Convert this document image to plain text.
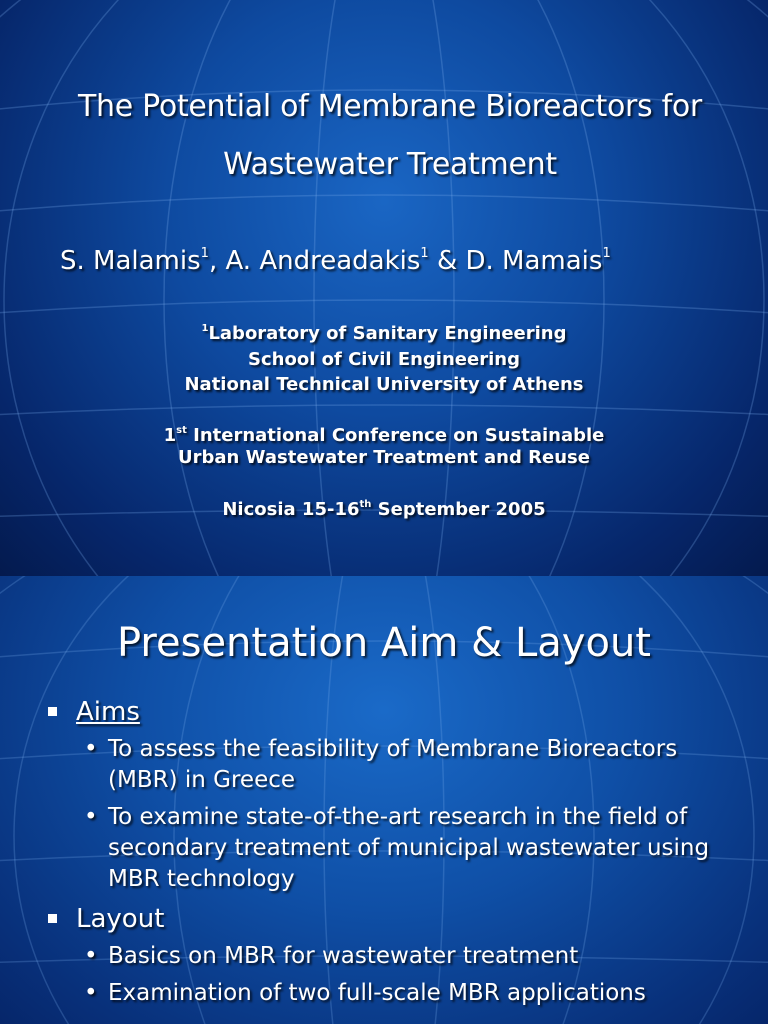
The Potential of Membrane Bioreactors for
Wastewater Treatment
S. Malamis$^1$, A. Andreadakis$^1$ & D. Mamais$^1$
$^1$Laboratory of Sanitary Engineering
School of Civil Engineering
National Technical University of Athens
1st International Conference on Sustainable
Urban Wastewater Treatment and Reuse
Nicosia 15-16th September 2005
Presentation Aim & Layout
Aims
• To assess the feasibility of Membrane Bioreactors (MBR) in Greece
• To examine state-of-the-art research in the field of secondary treatment of municipal wastewater using MBR technology
Layout
• Basics on MBR for wastewater treatment
• Examination of two full-scale MBR applications
